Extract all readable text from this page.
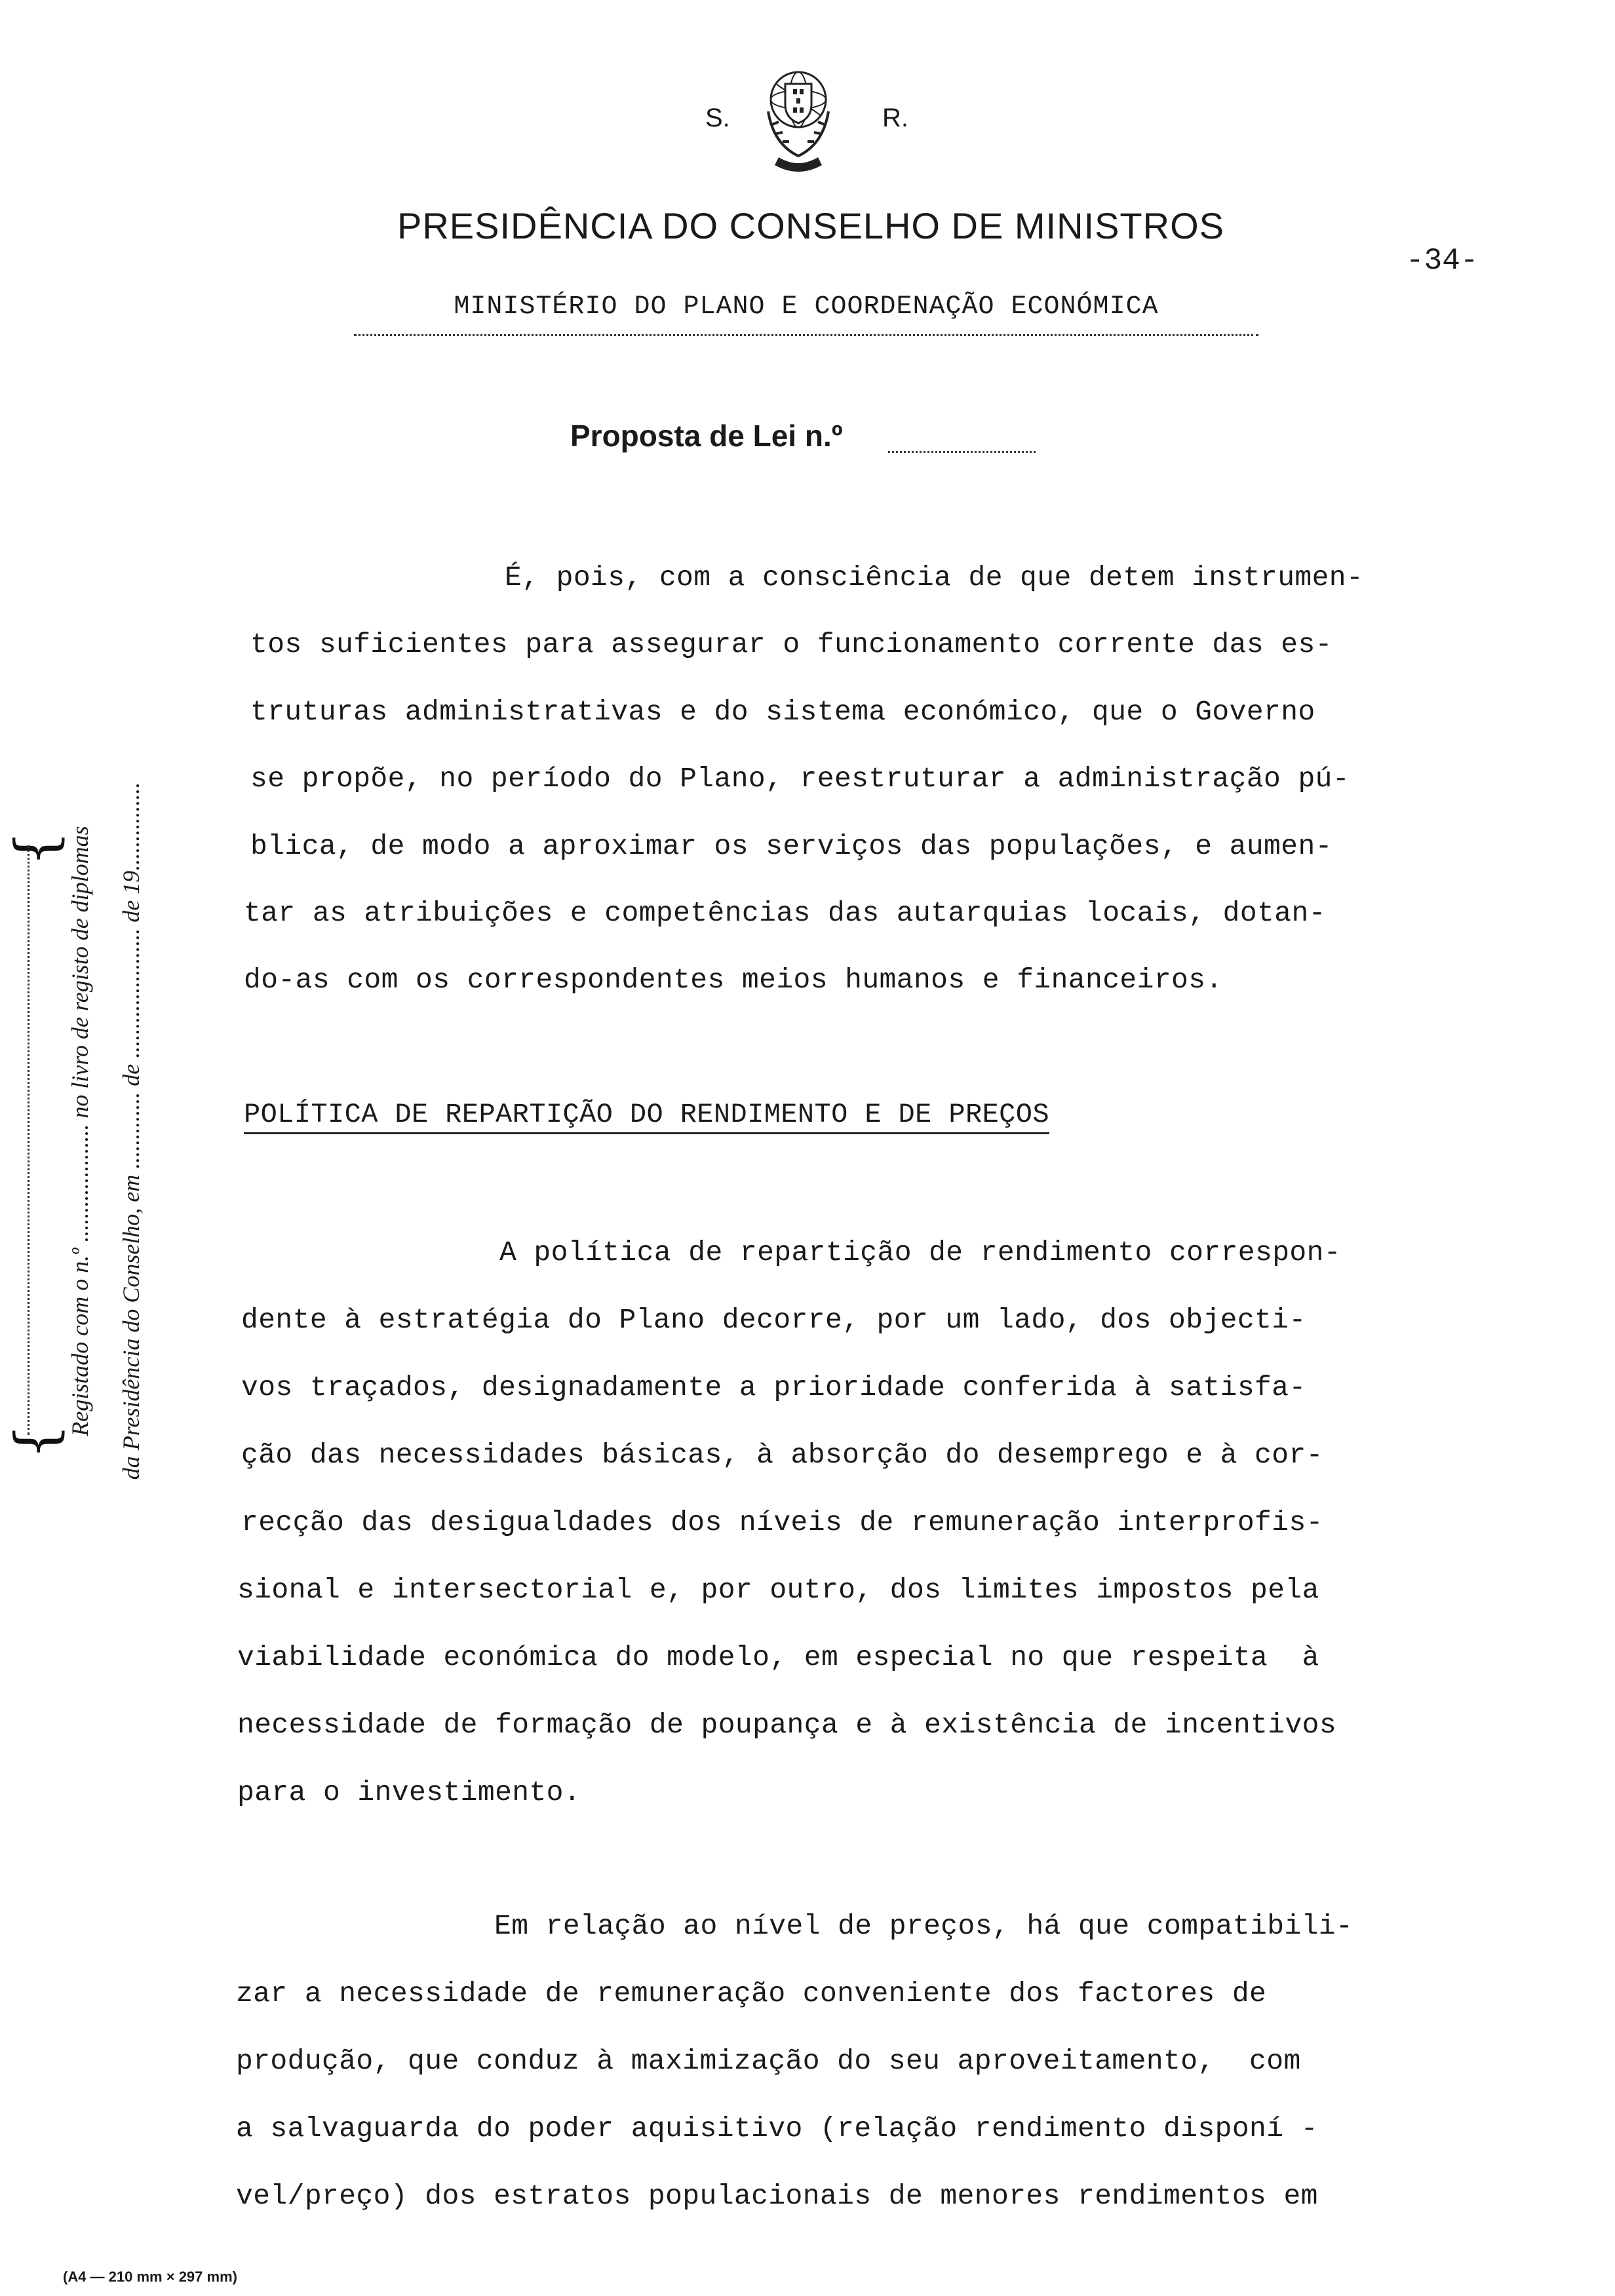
S.	R.
PRESIDÊNCIA DO CONSELHO DE MINISTROS
-34-
MINISTÉRIO DO PLANO E COORDENAÇÃO ECONÓMICA
Proposta de Lei n.º
É, pois, com a consciência de que detem instrumen-
tos suficientes para assegurar o funcionamento corrente das es-
truturas administrativas e do sistema económico, que o Governo
se propõe, no período do Plano, reestruturar a administração pú-
blica, de modo a aproximar os serviços das populações, e aumen-
tar as atribuições e competências das autarquias locais, dotan-
do-as com os correspondentes meios humanos e financeiros.
POLÍTICA DE REPARTIÇÃO DO RENDIMENTO E DE PREÇOS
A política de repartição de rendimento correspon-
dente à estratégia do Plano decorre, por um lado, dos objecti-
vos traçados, designadamente a prioridade conferida à satisfa-
ção das necessidades básicas, à absorção do desemprego e à cor-
recção das desigualdades dos níveis de remuneração interprofis-
sional e intersectorial e, por outro, dos limites impostos pela
viabilidade económica do modelo, em especial no que respeita  à
necessidade de formação de poupança e à existência de incentivos
para o investimento.
Em relação ao nível de preços, há que compatibili-
zar a necessidade de remuneração conveniente dos factores de
produção, que conduz à maximização do seu aproveitamento,  com
a salvaguarda do poder aquisitivo (relação rendimento disponí -
vel/preço) dos estratos populacionais de menores rendimentos em
{
{
Registado com o n.º .................... no livro de registo de diplomas da Presidência do Conselho, em ............. de ...................... de 19...............
(A4 — 210 mm × 297 mm)
